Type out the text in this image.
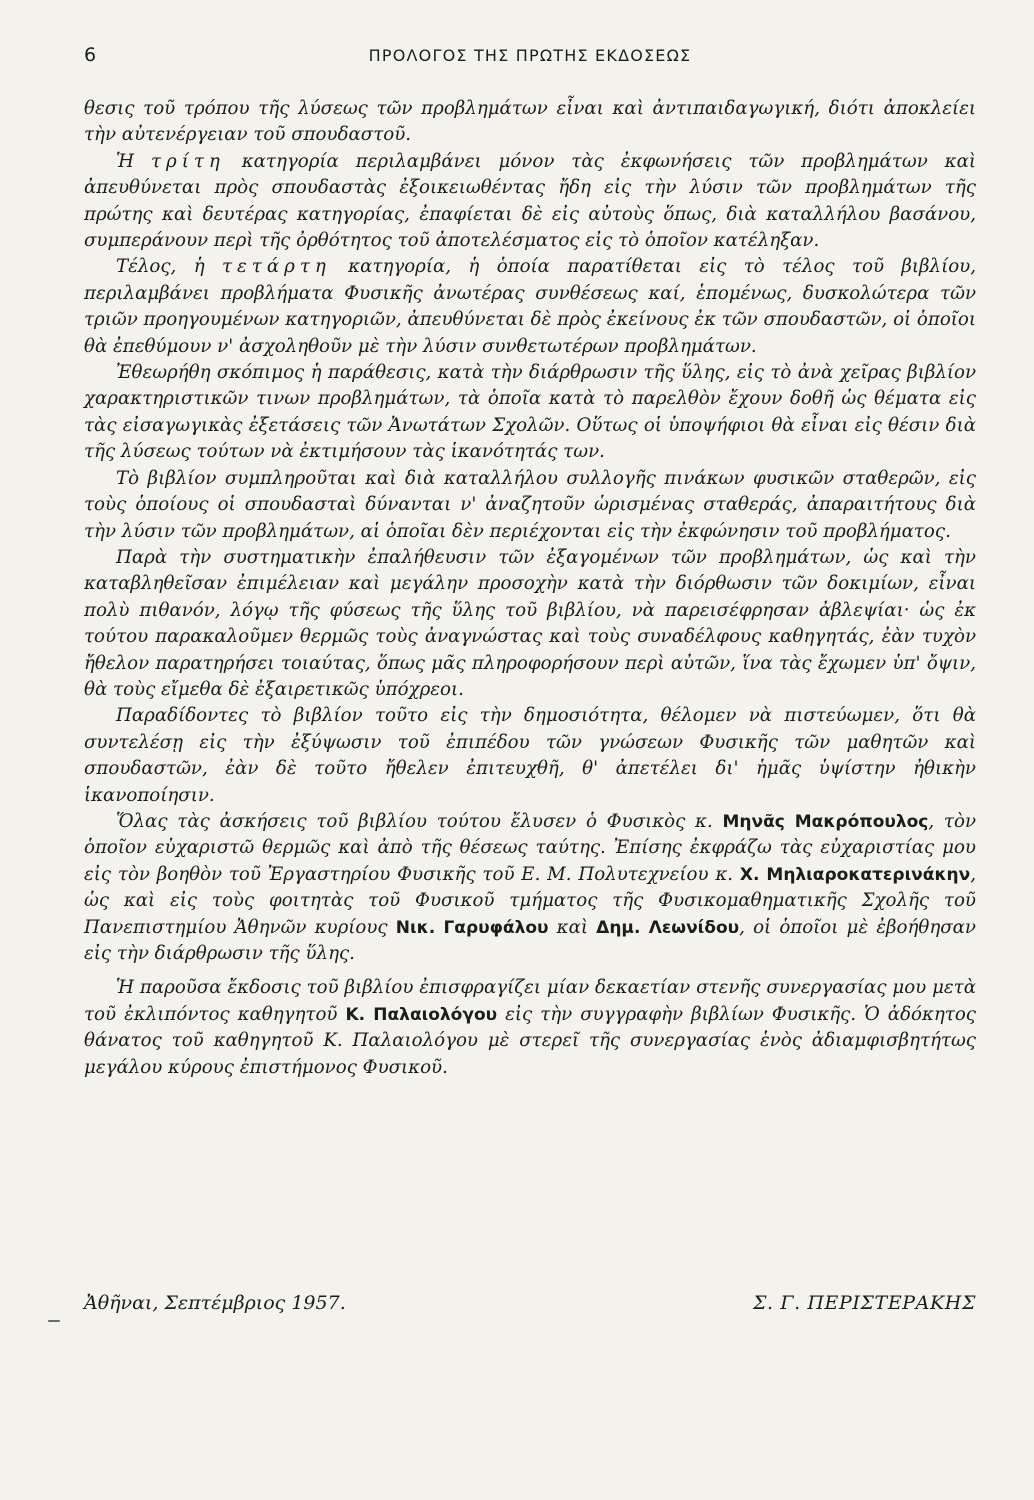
6	ΠΡΟΛΟΓΟΣ ΤΗΣ ΠΡΩΤΗΣ ΕΚΔΟΣΕΩΣ

θεσις τοῦ τρόπου τῆς λύσεως τῶν προβλημάτων εἶναι καὶ ἀντιπαιδαγωγική, διότι ἀποκλείει τὴν αὐτενέργειαν τοῦ σπουδαστοῦ.

Ἡ τρίτη κατηγορία περιλαμβάνει μόνον τὰς ἐκφωνήσεις τῶν προβλημάτων καὶ ἀπευθύνεται πρὸς σπουδαστὰς ἐξοικειωθέντας ἤδη εἰς τὴν λύσιν τῶν προβλημάτων τῆς πρώτης καὶ δευτέρας κατηγορίας, ἐπαφίεται δὲ εἰς αὐτοὺς ὅπως, διὰ καταλλήλου βασάνου, συμπεράνουν περὶ τῆς ὀρθότητος τοῦ ἀποτελέσματος εἰς τὸ ὁποῖον κατέληξαν.

Τέλος, ἡ τετάρτη κατηγορία, ἡ ὁποία παρατίθεται εἰς τὸ τέλος τοῦ βιβλίου, περιλαμβάνει προβλήματα Φυσικῆς ἀνωτέρας συνθέσεως καί, ἑπομένως, δυσκολώτερα τῶν τριῶν προηγουμένων κατηγοριῶν, ἀπευθύνεται δὲ πρὸς ἐκείνους ἐκ τῶν σπουδαστῶν, οἱ ὁποῖοι θὰ ἐπεθύμουν ν' ἀσχοληθοῦν μὲ τὴν λύσιν συνθετωτέρων προβλημάτων.

Ἐθεωρήθη σκόπιμος ἡ παράθεσις, κατὰ τὴν διάρθρωσιν τῆς ὕλης, εἰς τὸ ἀνὰ χεῖρας βιβλίον χαρακτηριστικῶν τινων προβλημάτων, τὰ ὁποῖα κατὰ τὸ παρελθὸν ἔχουν δοθῆ ὡς θέματα εἰς τὰς εἰσαγωγικὰς ἐξετάσεις τῶν Ἀνωτάτων Σχολῶν. Οὕτως οἱ ὑποψήφιοι θὰ εἶναι εἰς θέσιν διὰ τῆς λύσεως τούτων νὰ ἐκτιμήσουν τὰς ἱκανότητάς των.

Τὸ βιβλίον συμπληροῦται καὶ διὰ καταλλήλου συλλογῆς πινάκων φυσικῶν σταθερῶν, εἰς τοὺς ὁποίους οἱ σπουδασταὶ δύνανται ν' ἀναζητοῦν ὡρισμένας σταθεράς, ἀπαραιτήτους διὰ τὴν λύσιν τῶν προβλημάτων, αἱ ὁποῖαι δὲν περιέχονται εἰς τὴν ἐκφώνησιν τοῦ προβλήματος.

Παρὰ τὴν συστηματικὴν ἐπαλήθευσιν τῶν ἐξαγομένων τῶν προβλημάτων, ὡς καὶ τὴν καταβληθεῖσαν ἐπιμέλειαν καὶ μεγάλην προσοχὴν κατὰ τὴν διόρθωσιν τῶν δοκιμίων, εἶναι πολὺ πιθανόν, λόγῳ τῆς φύσεως τῆς ὕλης τοῦ βιβλίου, νὰ παρεισέφρησαν ἀβλεψίαι· ὡς ἐκ τούτου παρακαλοῦμεν θερμῶς τοὺς ἀναγνώστας καὶ τοὺς συναδέλφους καθηγητάς, ἐὰν τυχὸν ἤθελον παρατηρήσει τοιαύτας, ὅπως μᾶς πληροφορήσουν περὶ αὐτῶν, ἵνα τὰς ἔχωμεν ὑπ' ὄψιν, θὰ τοὺς εἴμεθα δὲ ἐξαιρετικῶς ὑπόχρεοι.

Παραδίδοντες τὸ βιβλίον τοῦτο εἰς τὴν δημοσιότητα, θέλομεν νὰ πιστεύωμεν, ὅτι θὰ συντελέσῃ εἰς τὴν ἐξύψωσιν τοῦ ἐπιπέδου τῶν γνώσεων Φυσικῆς τῶν μαθητῶν καὶ σπουδαστῶν, ἐὰν δὲ τοῦτο ἤθελεν ἐπιτευχθῆ, θ' ἀπετέλει δι' ἡμᾶς ὑψίστην ἠθικὴν ἱκανοποίησιν.

Ὅλας τὰς ἀσκήσεις τοῦ βιβλίου τούτου ἔλυσεν ὁ Φυσικὸς κ. Μηνᾶς Μακρόπουλος, τὸν ὁποῖον εὐχαριστῶ θερμῶς καὶ ἀπὸ τῆς θέσεως ταύτης. Ἐπίσης ἐκφράζω τὰς εὐχαριστίας μου εἰς τὸν βοηθὸν τοῦ Ἐργαστηρίου Φυσικῆς τοῦ Ε. Μ. Πολυτεχνείου κ. Χ. Μηλιαροκατερινάκην, ὡς καὶ εἰς τοὺς φοιτητὰς τοῦ Φυσικοῦ τμήματος τῆς Φυσικομαθηματικῆς Σχολῆς τοῦ Πανεπιστημίου Ἀθηνῶν κυρίους Νικ. Γαρυφάλου καὶ Δημ. Λεωνίδου, οἱ ὁποῖοι μὲ ἐβοήθησαν εἰς τὴν διάρθρωσιν τῆς ὕλης.

Ἡ παροῦσα ἔκδοσις τοῦ βιβλίου ἐπισφραγίζει μίαν δεκαετίαν στενῆς συνεργασίας μου μετὰ τοῦ ἐκλιπόντος καθηγητοῦ Κ. Παλαιολόγου εἰς τὴν συγγραφὴν βιβλίων Φυσικῆς. Ὁ ἀδόκητος θάνατος τοῦ καθηγητοῦ Κ. Παλαιολόγου μὲ στερεῖ τῆς συνεργασίας ἑνὸς ἀδιαμφισβητήτως μεγάλου κύρους ἐπιστήμονος Φυσικοῦ.

Ἀθῆναι, Σεπτέμβριος 1957.	Σ. Γ. ΠΕΡΙΣΤΕΡΑΚΗΣ
